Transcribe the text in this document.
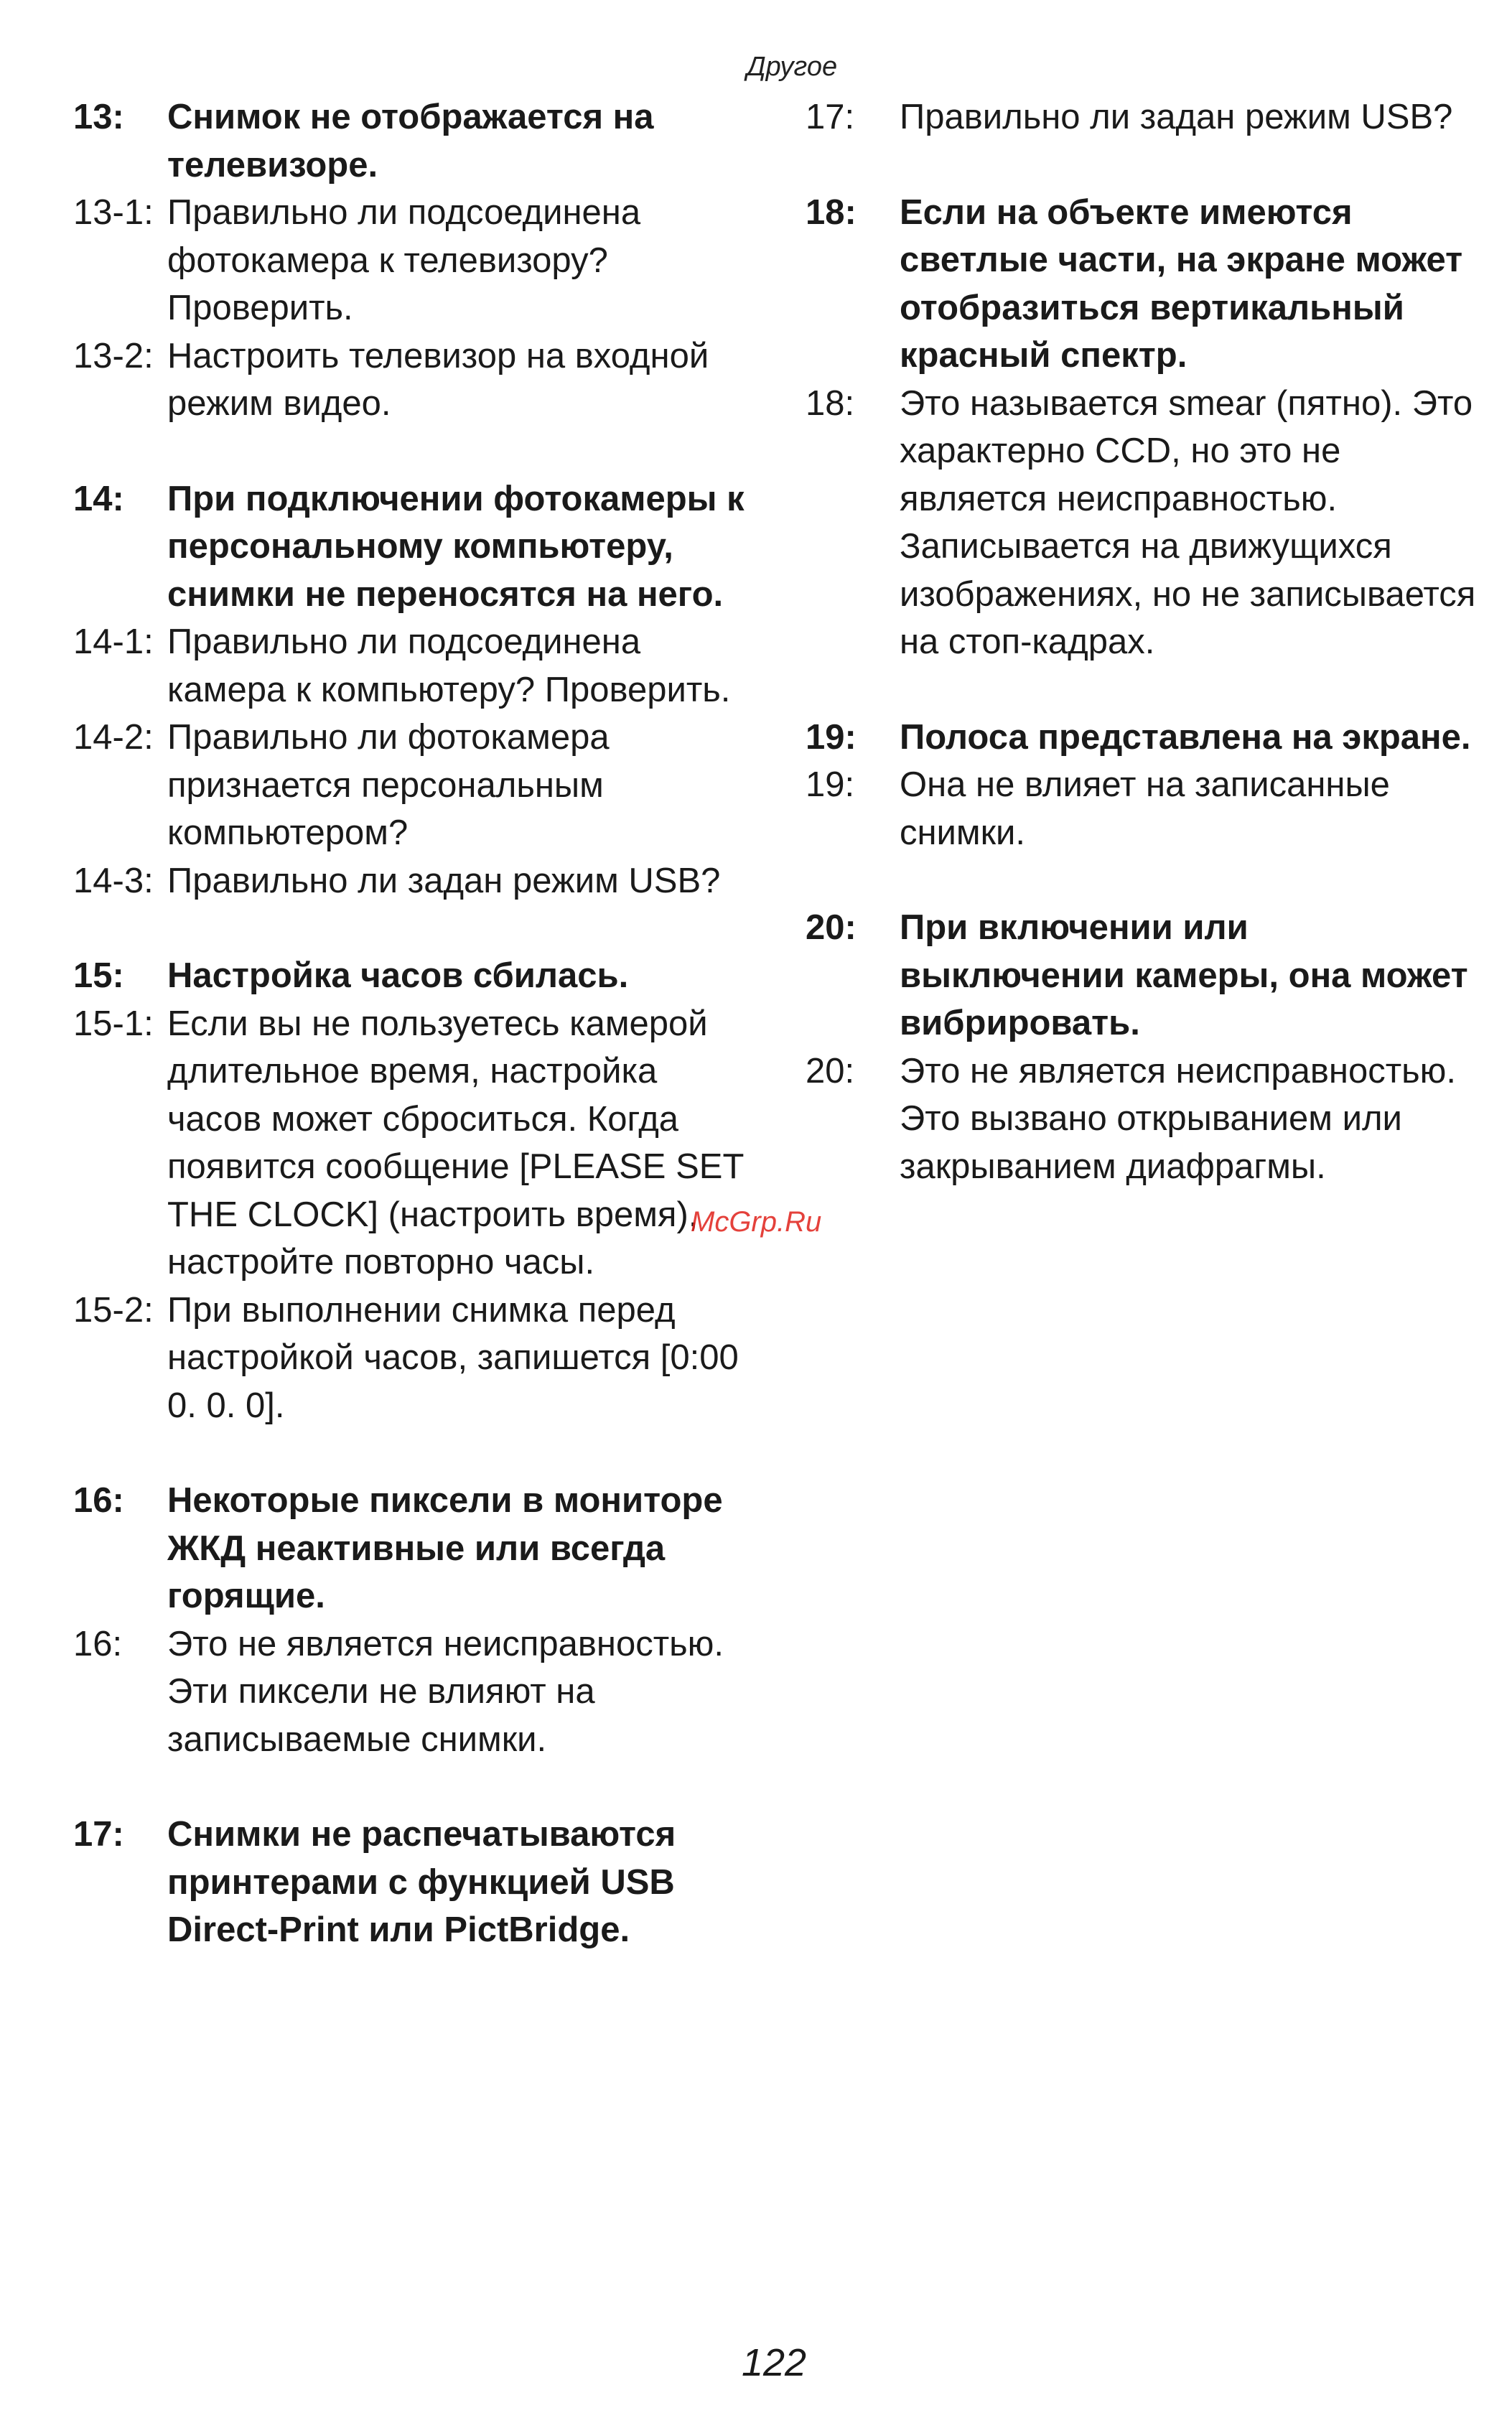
Другое
13:	Снимок не отображается на телевизоре.
13-1: Правильно ли подсоединена фотокамера к телевизору? Проверить.
13-2: Настроить телевизор на входной режим видео.
14:	При подключении фотокамеры к персональному компьютеру, снимки не переносятся на него.
14-1: Правильно ли подсоединена камера к компьютеру? Проверить.
14-2: Правильно ли фотокамера признается персональным компьютером?
14-3: Правильно ли задан режим USB?
15:	Настройка часов сбилась.
15-1: Если вы не пользуетесь камерой длительное время, настройка часов может сброситься. Когда появится сообщение [PLEASE SET THE CLOCK] (настроить время), настройте повторно часы.
15-2: При выполнении снимка перед настройкой часов, запишется [0:00 0. 0. 0].
16:	Некоторые пиксели в мониторе ЖКД неактивные или всегда горящие.
16:	Это не является неисправностью. Эти пиксели не влияют на записываемые снимки.
17:	Снимки не распечатываются принтерами с функцией USB Direct-Print или PictBridge.
17:	Правильно ли задан режим USB?
18:	Если на объекте имеются светлые части, на экране может отобразиться вертикальный красный спектр.
18:	Это называется smear (пятно). Это характерно CCD, но это не является неисправностью. Записывается на движущихся изображениях, но не записывается на стоп-кадрах.
19:	Полоса представлена на экране.
19:	Она не влияет на записанные снимки.
20:	При включении или выключении камеры, она может вибрировать.
20:	Это не является неисправностью. Это вызвано открыванием или закрыванием диафрагмы.
McGrp.Ru
122
